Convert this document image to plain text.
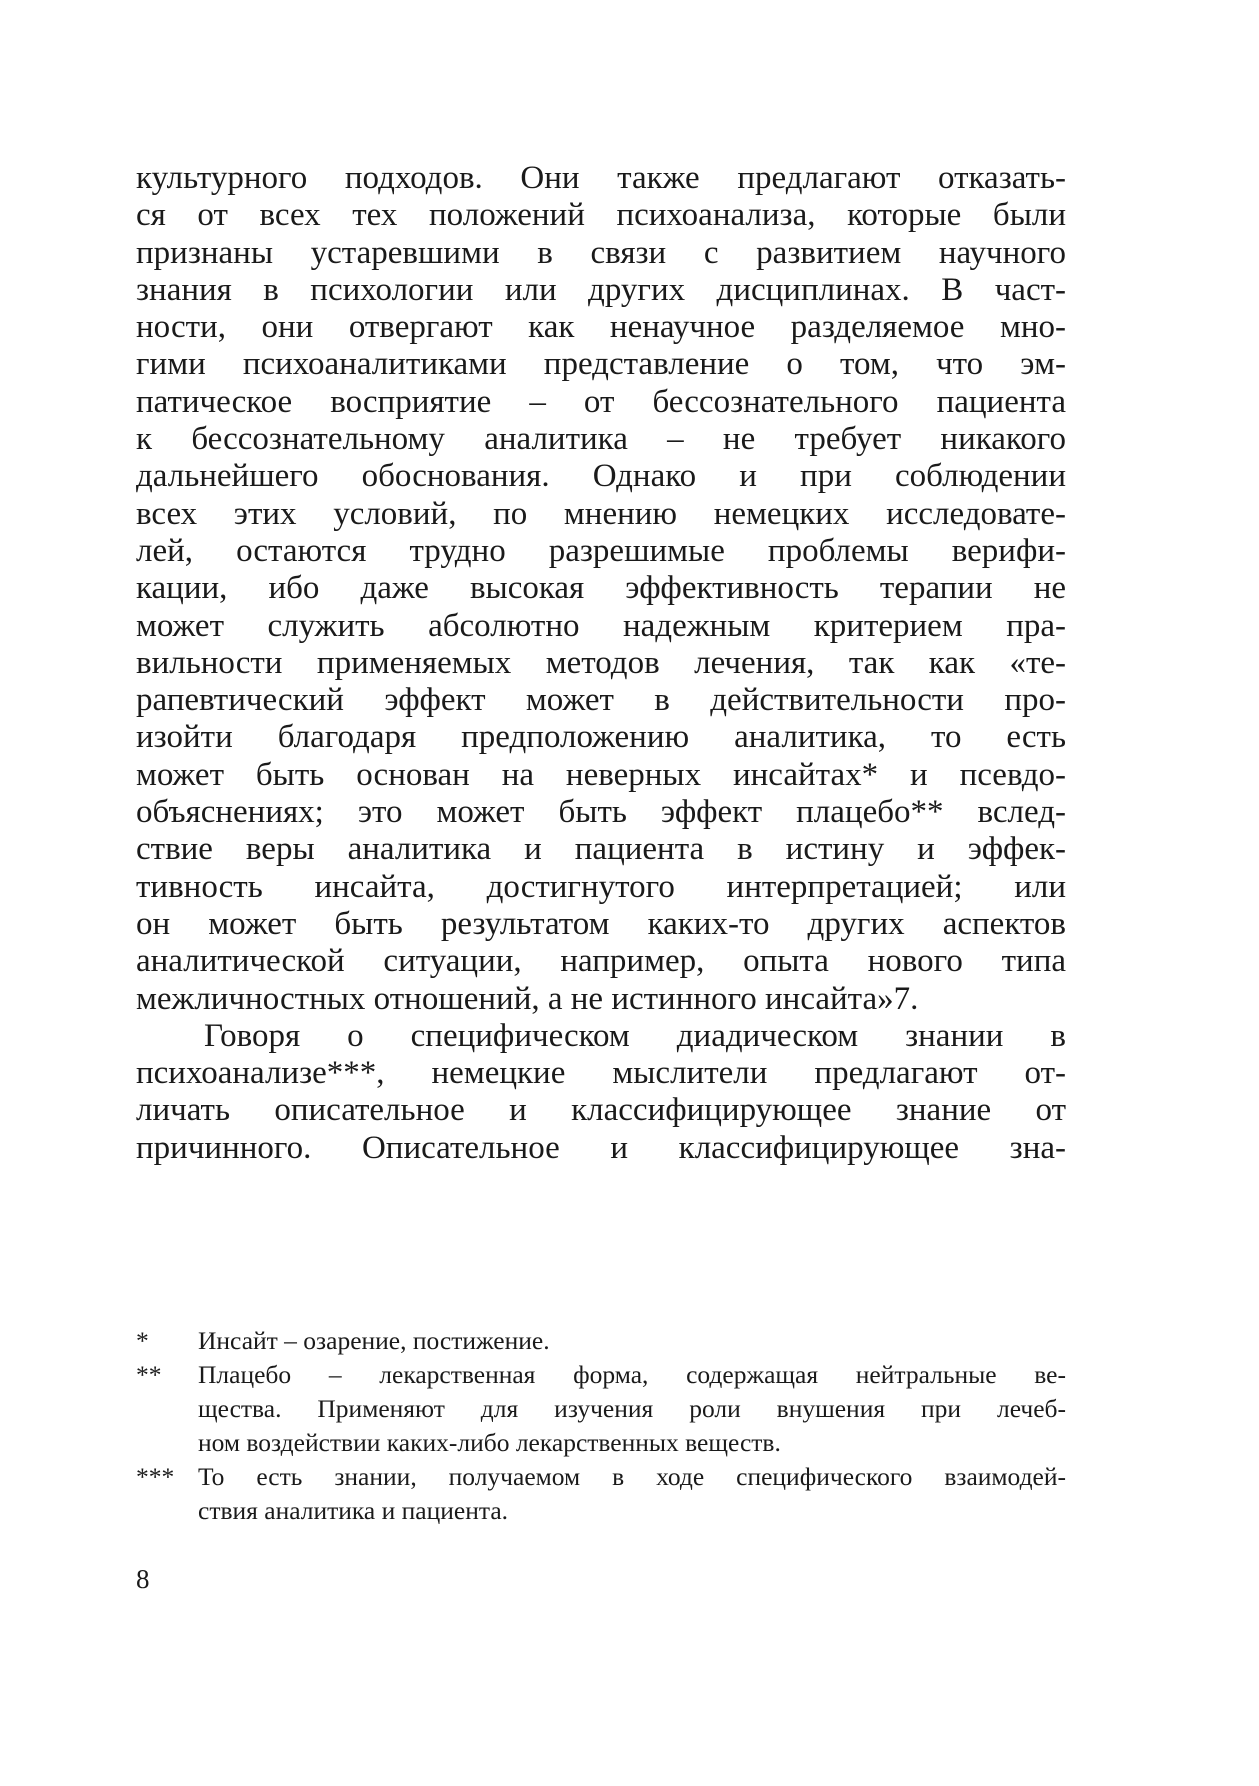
культурного подходов. Они также предлагают отказать-
ся от всех тех положений психоанализа, которые были
признаны устаревшими в связи с развитием научного
знания в психологии или других дисциплинах. В част-
ности, они отвергают как ненаучное разделяемое мно-
гими психоаналитиками представление о том, что эм-
патическое восприятие – от бессознательного пациента
к бессознательному аналитика – не требует никакого
дальнейшего обоснования. Однако и при соблюдении
всех этих условий, по мнению немецких исследовате-
лей, остаются трудно разрешимые проблемы верифи-
кации, ибо даже высокая эффективность терапии не
может служить абсолютно надежным критерием пра-
вильности применяемых методов лечения, так как «те-
рапевтический эффект может в действительности про-
изойти благодаря предположению аналитика, то есть
может быть основан на неверных инсайтах* и псевдо-
объяснениях; это может быть эффект плацебо** вслед-
ствие веры аналитика и пациента в истину и эффек-
тивность инсайта, достигнутого интерпретацией; или
он может быть результатом каких-то других аспектов
аналитической ситуации, например, опыта нового типа
межличностных отношений, а не истинного инсайта»7.
Говоря о специфическом диадическом знании в
психоанализе***, немецкие мыслители предлагают от-
личать описательное и классифицирующее знание от
причинного. Описательное и классифицирующее зна-
*	Инсайт – озарение, постижение.
**	Плацебо – лекарственная форма, содержащая нейтральные ве-
щества. Применяют для изучения роли внушения при лечеб-
ном воздействии каких-либо лекарственных веществ.
*** То есть знании, получаемом в ходе специфического взаимодей-
ствия аналитика и пациента.
8
